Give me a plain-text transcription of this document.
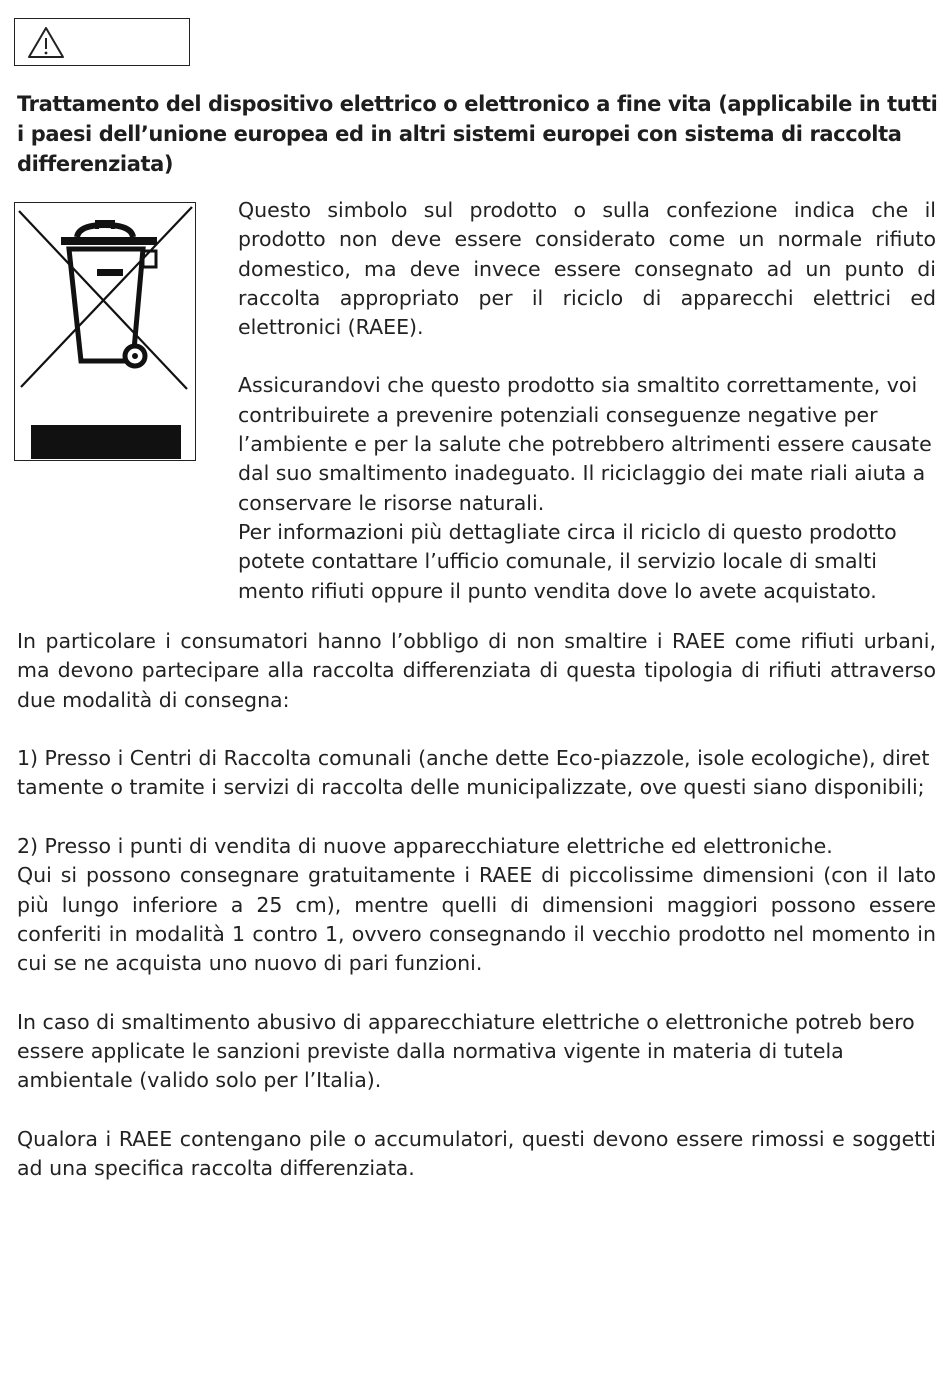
Trattamento del dispositivo elettrico o elettronico a fine vita (applicabile in tutti i paesi dell’unione europea ed in altri sistemi europei con sistema di raccolta differenziata)

Questo simbolo sul prodotto o sulla confezione indica che il prodotto non deve essere considerato come un normale rifiuto domestico, ma deve invece essere consegnato ad un punto di raccolta appropriato per il riciclo di apparecchi elettrici ed elettronici (RAEE).

Assicurandovi che questo prodotto sia smaltito correttamente, voi contribuirete a prevenire potenziali conseguenze negative per l’ambiente e per la salute che potrebbero altrimenti essere causate dal suo smaltimento inadeguato. Il riciclaggio dei mate riali aiuta a conservare le risorse naturali.

Per informazioni più dettagliate circa il riciclo di questo prodotto potete contattare l’ufficio comunale, il servizio locale di smalti mento rifiuti oppure il punto vendita dove lo avete acquistato.

In particolare i consumatori hanno l’obbligo di non smaltire i RAEE come rifiuti urbani, ma devono partecipare alla raccolta differenziata di questa tipologia di rifiuti attraverso due modalità di consegna:

1) Presso i Centri di Raccolta comunali (anche dette Eco-piazzole, isole ecologiche), diret tamente o tramite i servizi di raccolta delle municipalizzate, ove questi siano disponibili;

2) Presso i punti di vendita di nuove apparecchiature elettriche ed elettroniche.

Qui si possono consegnare gratuitamente i RAEE di piccolissime dimensioni (con il lato più lungo inferiore a 25 cm), mentre quelli di dimensioni maggiori possono essere conferiti in modalità 1 contro 1, ovvero consegnando il vecchio prodotto nel momento in cui se ne acquista uno nuovo di pari funzioni.

In caso di smaltimento abusivo di apparecchiature elettriche o elettroniche potreb bero essere applicate le sanzioni previste dalla normativa vigente in materia di tutela ambientale (valido solo per l’Italia).

Qualora i RAEE contengano pile o accumulatori, questi devono essere rimossi e soggetti ad una specifica raccolta differenziata.
